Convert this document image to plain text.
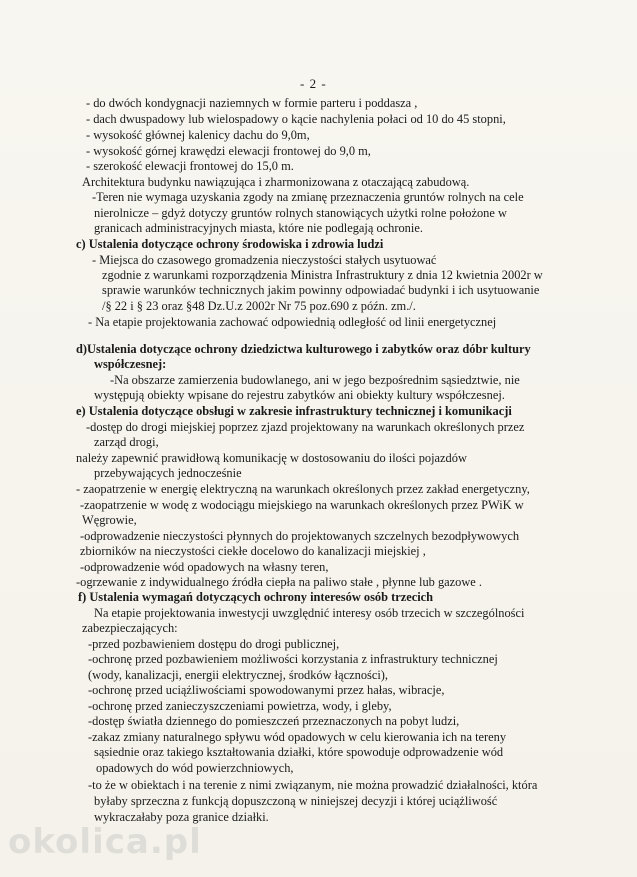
- 2 -
- do dwóch kondygnacji naziemnych w formie parteru i poddasza ,
- dach dwuspadowy lub wielospadowy o kącie nachylenia połaci od 10 do 45 stopni,
- wysokość głównej kalenicy dachu do 9,0m,
- wysokość górnej krawędzi elewacji frontowej do 9,0 m,
- szerokość elewacji frontowej do 15,0 m.
Architektura budynku nawiązująca i zharmonizowana z otaczającą zabudową.
-Teren nie wymaga uzyskania zgody na zmianę przeznaczenia gruntów rolnych na cele
nierolnicze – gdyż dotyczy gruntów rolnych stanowiących użytki rolne położone w
granicach administracyjnych miasta, które nie podlegają ochronie.
c) Ustalenia dotyczące ochrony środowiska i zdrowia ludzi
- Miejsca do czasowego gromadzenia nieczystości stałych usytuować
zgodnie z warunkami rozporządzenia Ministra Infrastruktury z dnia 12 kwietnia 2002r w
sprawie warunków technicznych jakim powinny odpowiadać budynki i ich usytuowanie
/§ 22 i § 23 oraz §48 Dz.U.z 2002r Nr 75 poz.690 z późn. zm./.
- Na etapie projektowania zachować odpowiednią odległość od linii energetycznej
d)Ustalenia dotyczące ochrony dziedzictwa kulturowego i zabytków oraz dóbr kultury
współczesnej:
-Na obszarze zamierzenia budowlanego, ani w jego bezpośrednim sąsiedztwie, nie
występują obiekty wpisane do rejestru zabytków ani obiekty kultury współczesnej.
e) Ustalenia dotyczące obsługi w zakresie infrastruktury technicznej i komunikacji
-dostęp do drogi miejskiej poprzez zjazd projektowany na warunkach określonych przez
zarząd drogi,
należy zapewnić prawidłową komunikację w dostosowaniu do ilości pojazdów
przebywających jednocześnie
- zaopatrzenie w energię elektryczną na warunkach określonych przez zakład energetyczny,
-zaopatrzenie w wodę z wodociągu miejskiego na warunkach określonych przez PWiK w
Węgrowie,
-odprowadzenie nieczystości płynnych do projektowanych szczelnych bezodpływowych
zbiorników na nieczystości ciekłe docelowo do kanalizacji miejskiej ,
-odprowadzenie wód opadowych na własny teren,
-ogrzewanie z indywidualnego źródła ciepła na paliwo stałe , płynne lub gazowe .
f) Ustalenia wymagań dotyczących ochrony interesów osób trzecich
Na etapie projektowania inwestycji uwzględnić interesy osób trzecich w szczególności
zabezpieczających:
-przed pozbawieniem dostępu do drogi publicznej,
-ochronę przed pozbawieniem możliwości korzystania z infrastruktury technicznej
(wody, kanalizacji, energii elektrycznej, środków łączności),
-ochronę przed uciążliwościami spowodowanymi przez hałas, wibracje,
-ochronę przed zanieczyszczeniami powietrza, wody, i gleby,
-dostęp światła dziennego do pomieszczeń przeznaczonych na pobyt ludzi,
-zakaz zmiany naturalnego spływu wód opadowych w celu kierowania ich na tereny
sąsiednie oraz takiego kształtowania działki, które spowoduje odprowadzenie wód
opadowych do wód powierzchniowych,
-to że w obiektach i na terenie z nimi związanym, nie można prowadzić działalności, która
byłaby sprzeczna z funkcją dopuszczoną w niniejszej decyzji i której uciążliwość
wykraczałaby poza granice działki.
okolica.pl
